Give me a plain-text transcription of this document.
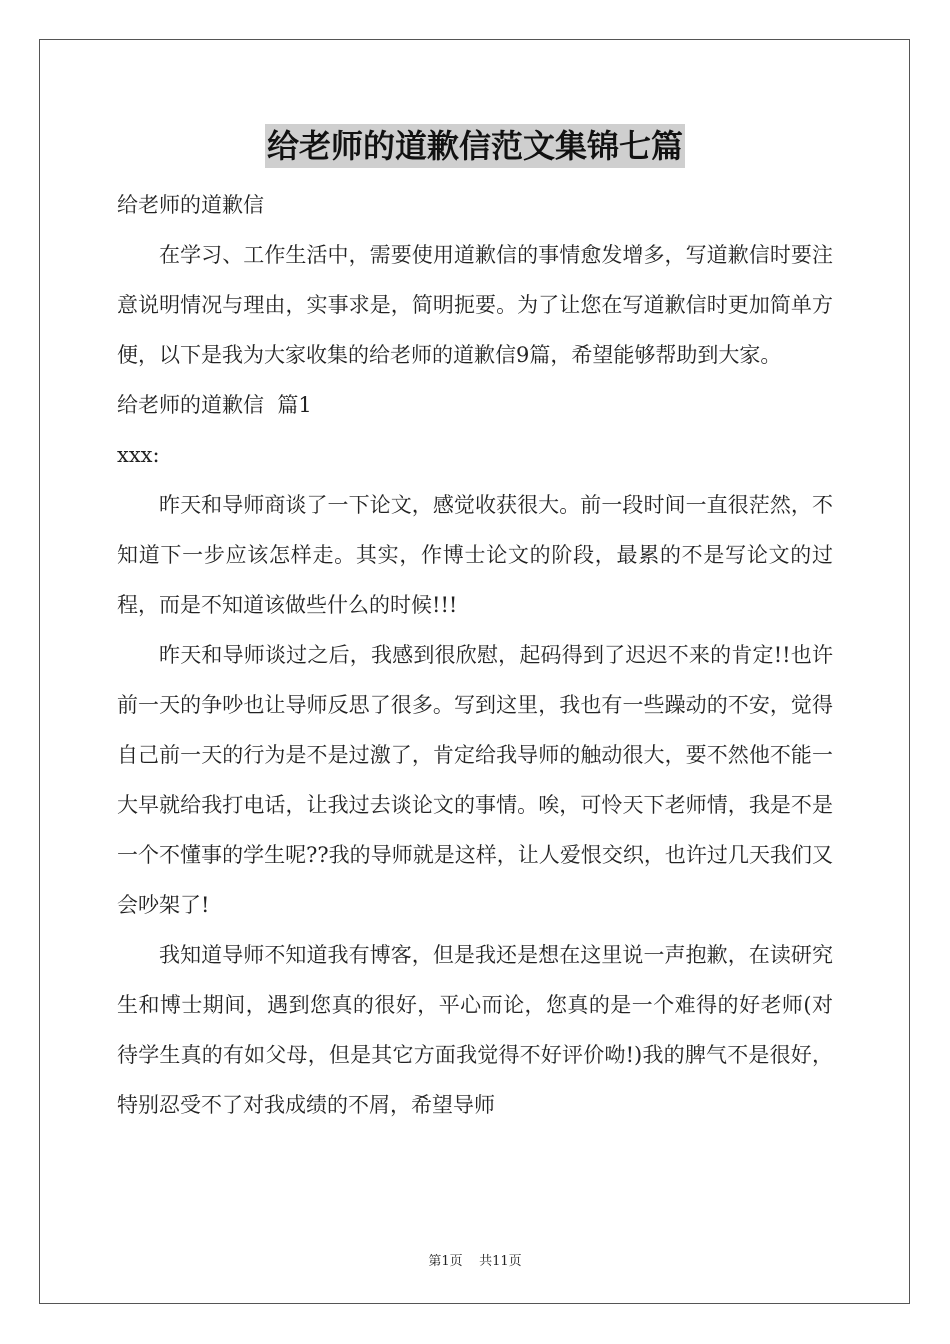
给老师的道歉信范文集锦七篇

给老师的道歉信

在学习、工作生活中，需要使用道歉信的事情愈发增多，写道歉信时要注意说明情况与理由，实事求是，简明扼要。为了让您在写道歉信时更加简单方便，以下是我为大家收集的给老师的道歉信9篇，希望能够帮助到大家。

给老师的道歉信  篇1

xxx:

昨天和导师商谈了一下论文，感觉收获很大。前一段时间一直很茫然，不知道下一步应该怎样走。其实，作博士论文的阶段，最累的不是写论文的过程，而是不知道该做些什么的时候!!!

昨天和导师谈过之后，我感到很欣慰，起码得到了迟迟不来的肯定!!也许前一天的争吵也让导师反思了很多。写到这里，我也有一些躁动的不安，觉得自己前一天的行为是不是过激了，肯定给我导师的触动很大，要不然他不能一大早就给我打电话，让我过去谈论文的事情。唉，可怜天下老师情，我是不是一个不懂事的学生呢??我的导师就是这样，让人爱恨交织，也许过几天我们又会吵架了!

我知道导师不知道我有博客，但是我还是想在这里说一声抱歉，在读研究生和博士期间，遇到您真的很好，平心而论，您真的是一个难得的好老师(对待学生真的有如父母，但是其它方面我觉得不好评价呦!)我的脾气不是很好，特别忍受不了对我成绩的不屑，希望导师

第1页    共11页
